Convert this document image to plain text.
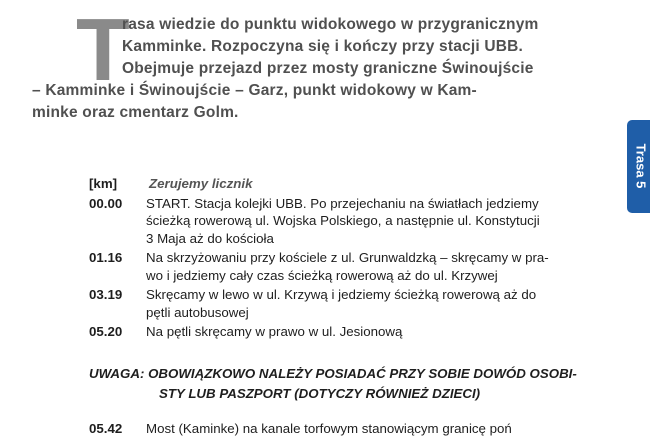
T
rasa wiedzie do punktu widokowego w przygranicznym
Kamminke. Rozpoczyna się i kończy przy stacji UBB.
Obejmuje przejazd przez mosty graniczne Świnoujście
– Kamminke i Świnoujście – Garz, punkt widokowy w Kam-
minke oraz cmentarz Golm.
Trasa 5
[km] Zerujemy licznik
00.00 START. Stacja kolejki UBB. Po przejechaniu na światłach jedziemy
ścieżką rowerową ul. Wojska Polskiego, a następnie ul. Konstytucji
3 Maja aż do kościoła
01.16 Na skrzyżowaniu przy kościele z ul. Grunwaldzką – skręcamy w pra-
wo i jedziemy cały czas ścieżką rowerową aż do ul. Krzywej
03.19 Skręcamy w lewo w ul. Krzywą i jedziemy ścieżką rowerową aż do
pętli autobusowej
05.20 Na pętli skręcamy w prawo w ul. Jesionową
UWAGA: OBOWIĄZKOWO NALEŻY POSIADAĆ PRZY SOBIE DOWÓD OSOBI-
STY LUB PASZPORT (DOTYCZY RÓWNIEŻ DZIECI)
05.42	Most (Kaminke) na kanale torfowym stanowiącym granicę poń
